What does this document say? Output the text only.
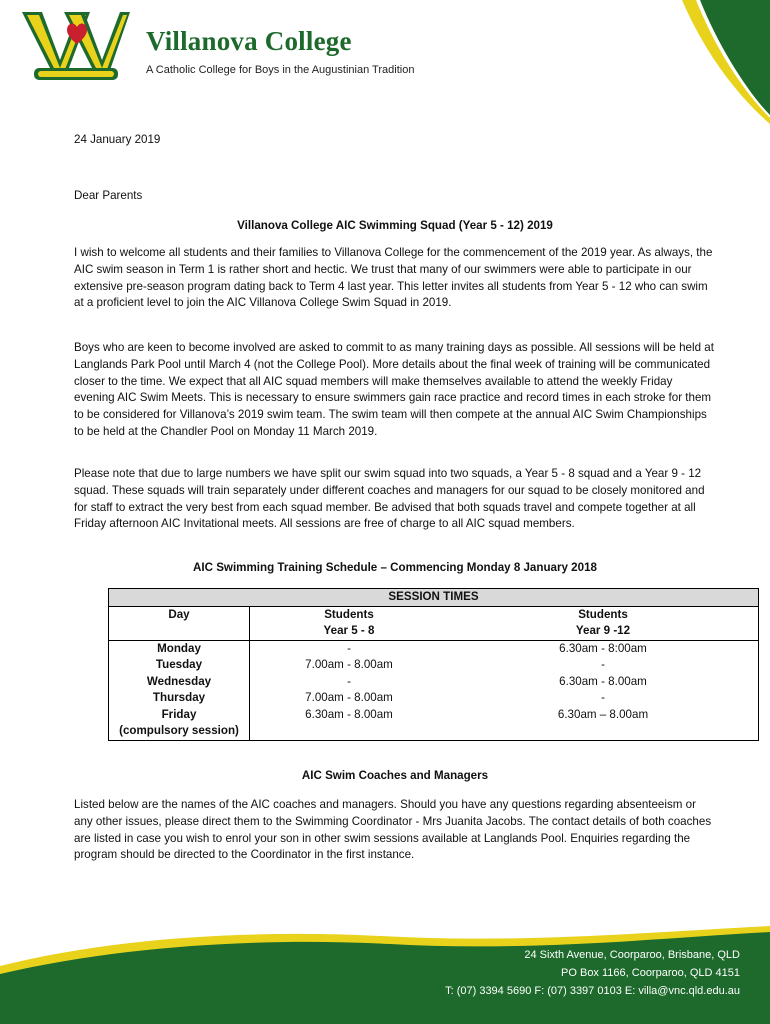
Villanova College
A Catholic College for Boys in the Augustinian Tradition
24 January 2019
Dear Parents
Villanova College AIC Swimming Squad (Year 5 - 12) 2019
I wish to welcome all students and their families to Villanova College for the commencement of the 2019 year. As always, the AIC swim season in Term 1 is rather short and hectic. We trust that many of our swimmers were able to participate in our extensive pre-season program dating back to Term 4 last year. This letter invites all students from Year 5 - 12 who can swim at a proficient level to join the AIC Villanova College Swim Squad in 2019.
Boys who are keen to become involved are asked to commit to as many training days as possible. All sessions will be held at Langlands Park Pool until March 4 (not the College Pool). More details about the final week of training will be communicated closer to the time. We expect that all AIC squad members will make themselves available to attend the weekly Friday evening AIC Swim Meets. This is necessary to ensure swimmers gain race practice and record times in each stroke for them to be considered for Villanova’s 2019 swim team. The swim team will then compete at the annual AIC Swim Championships to be held at the Chandler Pool on Monday 11 March 2019.
Please note that due to large numbers we have split our swim squad into two squads, a Year 5 - 8 squad and a Year 9 - 12 squad. These squads will train separately under different coaches and managers for our squad to be closely monitored and for staff to extract the very best from each squad member. Be advised that both squads travel and compete together at all Friday afternoon AIC Invitational meets. All sessions are free of charge to all AIC squad members.
AIC Swimming Training Schedule – Commencing Monday 8 January 2018
SESSION TIMES		
Day	Students	Students
	Year 5 - 8	Year 9 -12
Monday	-	6.30am - 8:00am
Tuesday	7.00am - 8.00am	-
Wednesday	-	6.30am - 8.00am
Thursday	7.00am - 8.00am	-

Friday
(compulsory session)	6.30am - 8.00am	6.30am – 8.00am
AIC Swim Coaches and Managers
Listed below are the names of the AIC coaches and managers. Should you have any questions regarding absenteeism or any other issues, please direct them to the Swimming Coordinator - Mrs Juanita Jacobs. The contact details of both coaches are listed in case you wish to enrol your son in other swim sessions available at Langlands Pool. Enquiries regarding the program should be directed to the Coordinator in the first instance.
24 Sixth Avenue, Coorparoo, Brisbane, QLD
PO Box 1166, Coorparoo, QLD 4151
T: (07) 3394 5690 F: (07) 3397 0103 E: villa@vnc.qld.edu.au
